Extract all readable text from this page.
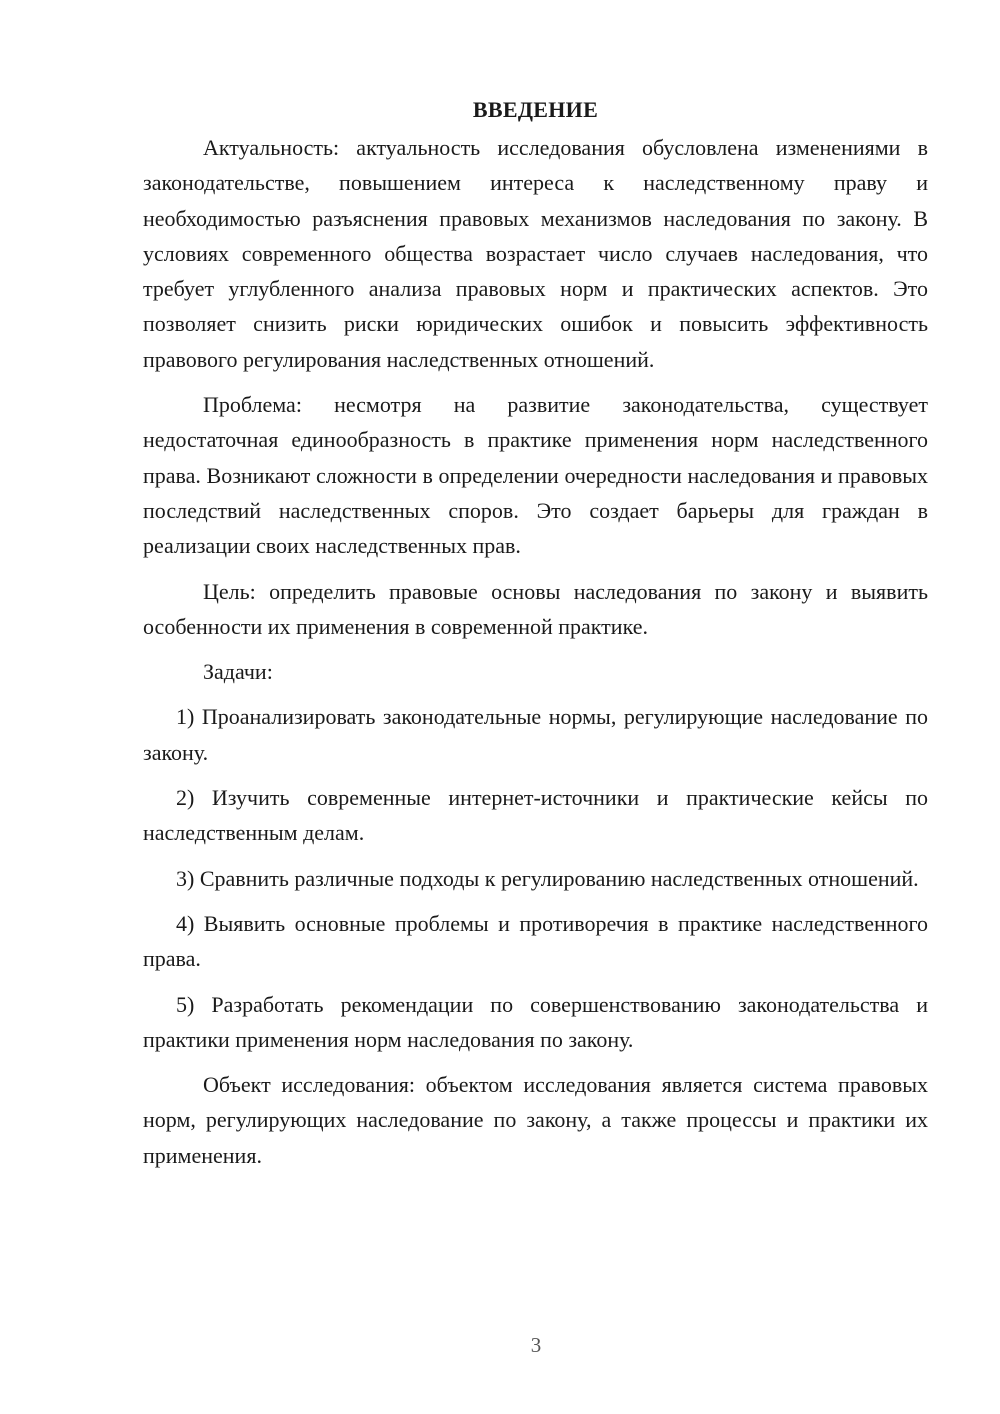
ВВЕДЕНИЕ

Актуальность: актуальность исследования обусловлена изменениями в законодательстве, повышением интереса к наследственному праву и необходимостью разъяснения правовых механизмов наследования по закону. В условиях современного общества возрастает число случаев наследования, что требует углубленного анализа правовых норм и практических аспектов. Это позволяет снизить риски юридических ошибок и повысить эффективность правового регулирования наследственных отношений.

Проблема: несмотря на развитие законодательства, существует недостаточная единообразность в практике применения норм наследственного права. Возникают сложности в определении очередности наследования и правовых последствий наследственных споров. Это создает барьеры для граждан в реализации своих наследственных прав.

Цель: определить правовые основы наследования по закону и выявить особенности их применения в современной практике.

Задачи:

1) Проанализировать законодательные нормы, регулирующие наследование по закону.

2) Изучить современные интернет-источники и практические кейсы по наследственным делам.

3) Сравнить различные подходы к регулированию наследственных отношений.

4) Выявить основные проблемы и противоречия в практике наследственного права.

5) Разработать рекомендации по совершенствованию законодательства и практики применения норм наследования по закону.

Объект исследования: объектом исследования является система правовых норм, регулирующих наследование по закону, а также процессы и практики их применения.

3
